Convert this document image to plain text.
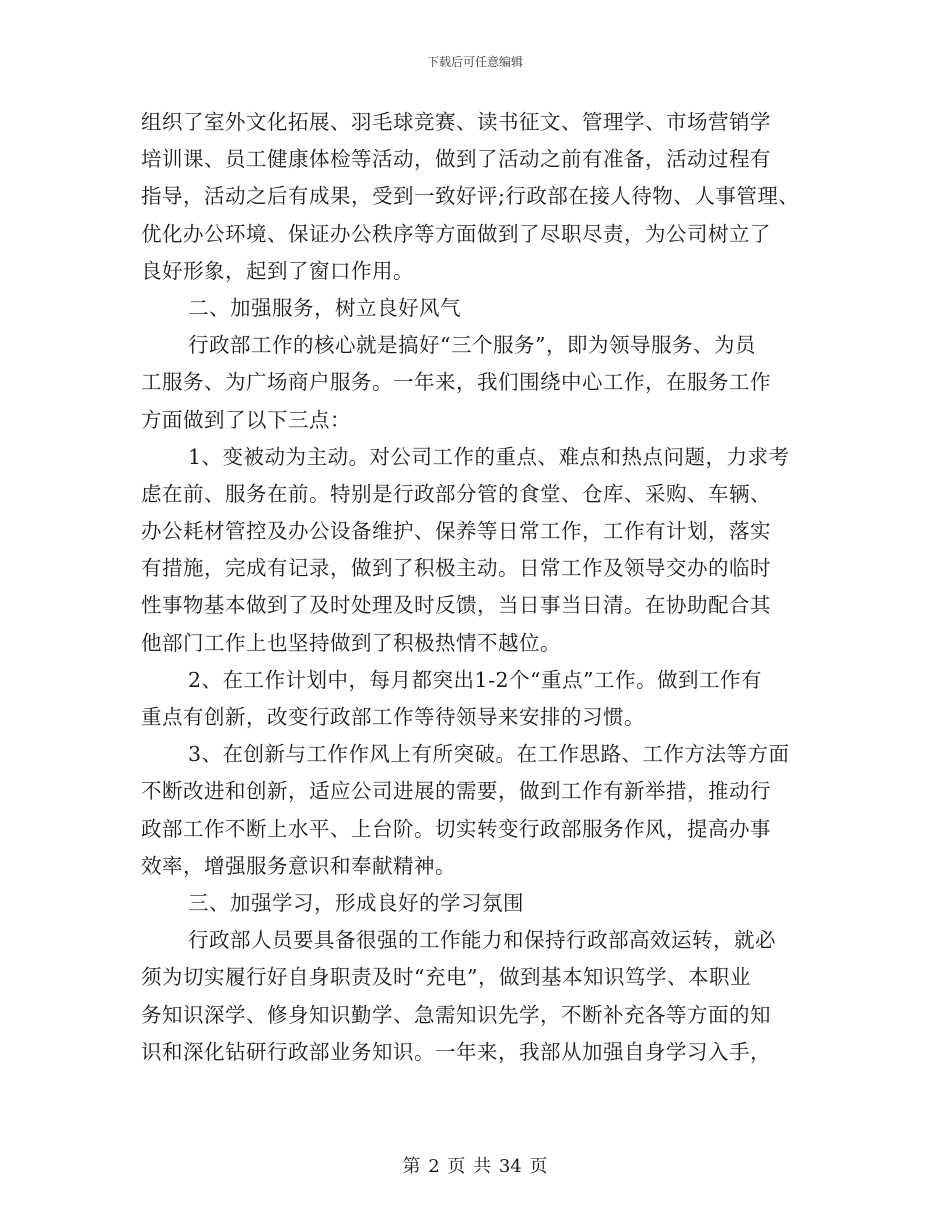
下载后可任意编辑
组织了室外文化拓展、羽毛球竞赛、读书征文、管理学、市场营销学
培训课、员工健康体检等活动，做到了活动之前有准备，活动过程有
指导，活动之后有成果，受到一致好评;行政部在接人待物、人事管理、
优化办公环境、保证办公秩序等方面做到了尽职尽责，为公司树立了
良好形象，起到了窗口作用。
二、加强服务，树立良好风气
行政部工作的核心就是搞好“三个服务”，即为领导服务、为员
工服务、为广场商户服务。一年来，我们围绕中心工作，在服务工作
方面做到了以下三点：
1、变被动为主动。对公司工作的重点、难点和热点问题，力求考
虑在前、服务在前。特别是行政部分管的食堂、仓库、采购、车辆、
办公耗材管控及办公设备维护、保养等日常工作，工作有计划，落实
有措施，完成有记录，做到了积极主动。日常工作及领导交办的临时
性事物基本做到了及时处理及时反馈，当日事当日清。在协助配合其
他部门工作上也坚持做到了积极热情不越位。
2、在工作计划中，每月都突出1-2个“重点”工作。做到工作有
重点有创新，改变行政部工作等待领导来安排的习惯。
3、在创新与工作作风上有所突破。在工作思路、工作方法等方面
不断改进和创新，适应公司进展的需要，做到工作有新举措，推动行
政部工作不断上水平、上台阶。切实转变行政部服务作风，提高办事
效率，增强服务意识和奉献精神。
三、加强学习，形成良好的学习氛围
行政部人员要具备很强的工作能力和保持行政部高效运转，就必
须为切实履行好自身职责及时“充电”，做到基本知识笃学、本职业
务知识深学、修身知识勤学、急需知识先学，不断补充各等方面的知
识和深化钻研行政部业务知识。一年来，我部从加强自身学习入手，
第 2 页 共 34 页
